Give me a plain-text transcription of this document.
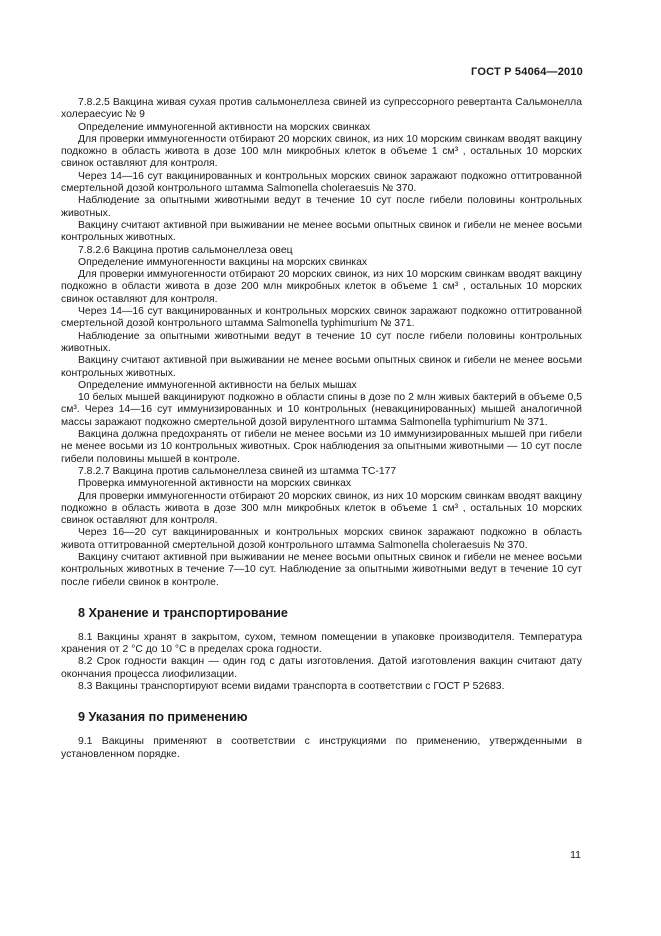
ГОСТ Р 54064—2010

7.8.2.5 Вакцина живая сухая против сальмонеллеза свиней из супрессорного ревертанта Сальмонелла холераесуис № 9

Определение иммуногенной активности на морских свинках

Для проверки иммуногенности отбирают 20 морских свинок, из них 10 морским свинкам вводят вакцину подкожно в область живота в дозе 100 млн микробных клеток в объеме 1 см³ , остальных 10 морских свинок оставляют для контроля.

Через 14—16 сут вакцинированных и контрольных морских свинок заражают подкожно оттитрованной смертельной дозой контрольного штамма Salmonella choleraesuis № 370.

Наблюдение за опытными животными ведут в течение 10 сут после гибели половины контрольных животных.

Вакцину считают активной при выживании не менее восьми опытных свинок и гибели не менее восьми контрольных животных.

7.8.2.6 Вакцина против сальмонеллеза овец

Определение иммуногенности вакцины на морских свинках

Для проверки иммуногенности отбирают 20 морских свинок, из них 10 морским свинкам вводят вакцину подкожно в области живота в дозе 200 млн микробных клеток в объеме 1 см³ , остальных 10 морских свинок оставляют для контроля.

Через 14—16 сут вакцинированных и контрольных морских свинок заражают подкожно оттитрованной смертельной дозой контрольного штамма Salmonella typhimurium № 371.

Наблюдение за опытными животными ведут в течение 10 сут после гибели половины контрольных животных.

Вакцину считают активной при выживании не менее восьми опытных свинок и гибели не менее восьми контрольных животных.

Определение иммуногенной активности на белых мышах

10 белых мышей вакцинируют подкожно в области спины в дозе по 2 млн живых бактерий в объеме 0,5 см³. Через 14—16 сут иммунизированных и 10 контрольных (невакцинированных) мышей аналогичной массы заражают подкожно смертельной дозой вирулентного штамма Salmonella typhimurium № 371.

Вакцина должна предохранять от гибели не менее восьми из 10 иммунизированных мышей при гибели не менее восьми из 10 контрольных животных. Срок наблюдения за опытными животными — 10 сут после гибели половины мышей в контроле.

7.8.2.7 Вакцина против сальмонеллеза свиней из штамма ТС-177

Проверка иммуногенной активности на морских свинках

Для проверки иммуногенности отбирают 20 морских свинок, из них 10 морским свинкам вводят вакцину подкожно в область живота в дозе 300 млн микробных клеток в объеме 1 см³ , остальных 10 морских свинок оставляют для контроля.

Через 16—20 сут вакцинированных и контрольных морских свинок заражают подкожно в область живота оттитрованной смертельной дозой контрольного штамма Salmonella choleraesuis № 370.

Вакцину считают активной при выживании не менее восьми опытных свинок и гибели не менее восьми контрольных животных в течение 7—10 сут. Наблюдение за опытными животными ведут в течение 10 сут после гибели свинок в контроле.

8 Хранение и транспортирование

8.1 Вакцины хранят в закрытом, сухом, темном помещении в упаковке производителя. Температура хранения от 2 °С до 10 °С в пределах срока годности.

8.2 Срок годности вакцин — один год с даты изготовления. Датой изготовления вакцин считают дату окончания процесса лиофилизации.

8.3 Вакцины транспортируют всеми видами транспорта в соответствии с ГОСТ Р 52683.

9 Указания по применению

9.1 Вакцины применяют в соответствии с инструкциями по применению, утвержденными в установленном порядке.

11
